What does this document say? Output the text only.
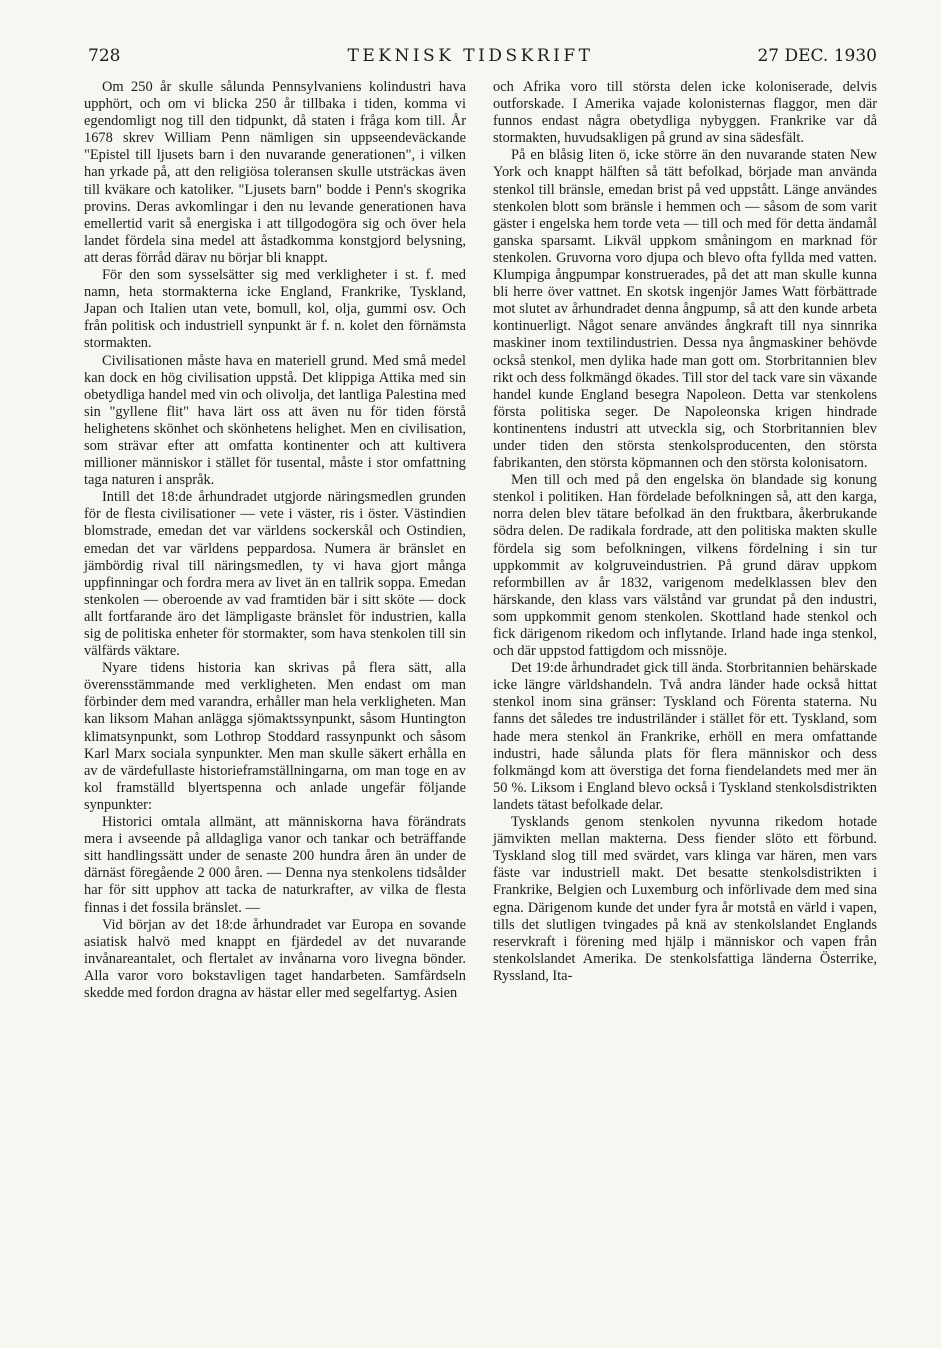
728	TEKNISK TIDSKRIFT	27 DEC. 1930

Om 250 år skulle sålunda Pennsylvaniens kolindustri hava upphört, och om vi blicka 250 år tillbaka i tiden, komma vi egendomligt nog till den tidpunkt, då staten i fråga kom till. År 1678 skrev William Penn nämligen sin uppseendeväckande "Epistel till ljusets barn i den nuvarande generationen", i vilken han yrkade på, att den religiösa toleransen skulle utsträckas även till kväkare och katoliker. "Ljusets barn" bodde i Penn's skogrika provins. Deras avkomlingar i den nu levande generationen hava emellertid varit så energiska i att tillgodogöra sig och över hela landet fördela sina medel att åstadkomma konstgjord belysning, att deras förråd därav nu börjar bli knappt.

För den som sysselsätter sig med verkligheter i st. f. med namn, heta stormakterna icke England, Frankrike, Tyskland, Japan och Italien utan vete, bomull, kol, olja, gummi osv. Och från politisk och industriell synpunkt är f. n. kolet den förnämsta stormakten.

Civilisationen måste hava en materiell grund. Med små medel kan dock en hög civilisation uppstå. Det klippiga Attika med sin obetydliga handel med vin och olivolja, det lantliga Palestina med sin "gyllene flit" hava lärt oss att även nu för tiden förstå helighetens skönhet och skönhetens helighet. Men en civilisation, som strävar efter att omfatta kontinenter och att kultivera millioner människor i stället för tusental, måste i stor omfattning taga naturen i anspråk.

Intill det 18:de århundradet utgjorde näringsmedlen grunden för de flesta civilisationer — vete i väster, ris i öster. Västindien blomstrade, emedan det var världens sockerskål och Ostindien, emedan det var världens peppardosa. Numera är bränslet en jämbördig rival till näringsmedlen, ty vi hava gjort många uppfinningar och fordra mera av livet än en tallrik soppa. Emedan stenkolen — oberoende av vad framtiden bär i sitt sköte — dock allt fortfarande äro det lämpligaste bränslet för industrien, kalla sig de politiska enheter för stormakter, som hava stenkolen till sin välfärds väktare.

Nyare tidens historia kan skrivas på flera sätt, alla överensstämmande med verkligheten. Men endast om man förbinder dem med varandra, erhåller man hela verkligheten. Man kan liksom Mahan anlägga sjömaktssynpunkt, såsom Huntington klimatsynpunkt, som Lothrop Stoddard rassynpunkt och såsom Karl Marx sociala synpunkter. Men man skulle säkert erhålla en av de värdefullaste historieframställningarna, om man toge en av kol framställd blyertspenna och anlade ungefär följande synpunkter:

Historici omtala allmänt, att människorna hava förändrats mera i avseende på alldagliga vanor och tankar och beträffande sitt handlingssätt under de senaste 200 hundra åren än under de därnäst föregående 2 000 åren. — Denna nya stenkolens tidsålder har för sitt upphov att tacka de naturkrafter, av vilka de flesta finnas i det fossila bränslet. —

Vid början av det 18:de århundradet var Europa en sovande asiatisk halvö med knappt en fjärdedel av det nuvarande invånareantalet, och flertalet av invånarna voro livegna bönder. Alla varor voro bokstavligen taget handarbeten. Samfärdseln skedde med fordon dragna av hästar eller med segelfartyg. Asien

och Afrika voro till största delen icke koloniserade, delvis outforskade. I Amerika vajade kolonisternas flaggor, men där funnos endast några obetydliga nybyggen. Frankrike var då stormakten, huvudsakligen på grund av sina sädesfält.

På en blåsig liten ö, icke större än den nuvarande staten New York och knappt hälften så tätt befolkad, började man använda stenkol till bränsle, emedan brist på ved uppstått. Länge användes stenkolen blott som bränsle i hemmen och — såsom de som varit gäster i engelska hem torde veta — till och med för detta ändamål ganska sparsamt. Likväl uppkom småningom en marknad för stenkolen. Gruvorna voro djupa och blevo ofta fyllda med vatten. Klumpiga ångpumpar konstruerades, på det att man skulle kunna bli herre över vattnet. En skotsk ingenjör James Watt förbättrade mot slutet av århundradet denna ångpump, så att den kunde arbeta kontinuerligt. Något senare användes ångkraft till nya sinnrika maskiner inom textilindustrien. Dessa nya ångmaskiner behövde också stenkol, men dylika hade man gott om. Storbritannien blev rikt och dess folkmängd ökades. Till stor del tack vare sin växande handel kunde England besegra Napoleon. Detta var stenkolens första politiska seger. De Napoleonska krigen hindrade kontinentens industri att utveckla sig, och Storbritannien blev under tiden den största stenkolsproducenten, den största fabrikanten, den största köpmannen och den största kolonisatorn.

Men till och med på den engelska ön blandade sig konung stenkol i politiken. Han fördelade befolkningen så, att den karga, norra delen blev tätare befolkad än den fruktbara, åkerbrukande södra delen. De radikala fordrade, att den politiska makten skulle fördela sig som befolkningen, vilkens fördelning i sin tur uppkommit av kolgruveindustrien. På grund därav uppkom reformbillen av år 1832, varigenom medelklassen blev den härskande, den klass vars välstånd var grundat på den industri, som uppkommit genom stenkolen. Skottland hade stenkol och fick därigenom rikedom och inflytande. Irland hade inga stenkol, och där uppstod fattigdom och missnöje.

Det 19:de århundradet gick till ända. Storbritannien behärskade icke längre världshandeln. Två andra länder hade också hittat stenkol inom sina gränser: Tyskland och Förenta staterna. Nu fanns det således tre industriländer i stället för ett. Tyskland, som hade mera stenkol än Frankrike, erhöll en mera omfattande industri, hade sålunda plats för flera människor och dess folkmängd kom att överstiga det forna fiendelandets med mer än 50 %. Liksom i England blevo också i Tyskland stenkolsdistrikten landets tätast befolkade delar.

Tysklands genom stenkolen nyvunna rikedom hotade jämvikten mellan makterna. Dess fiender slöto ett förbund. Tyskland slog till med svärdet, vars klinga var hären, men vars fäste var industriell makt. Det besatte stenkolsdistrikten i Frankrike, Belgien och Luxemburg och införlivade dem med sina egna. Därigenom kunde det under fyra år motstå en värld i vapen, tills det slutligen tvingades på knä av stenkolslandet Englands reservkraft i förening med hjälp i människor och vapen från stenkolslandet Amerika. De stenkolsfattiga länderna Österrike, Ryssland, Ita-
